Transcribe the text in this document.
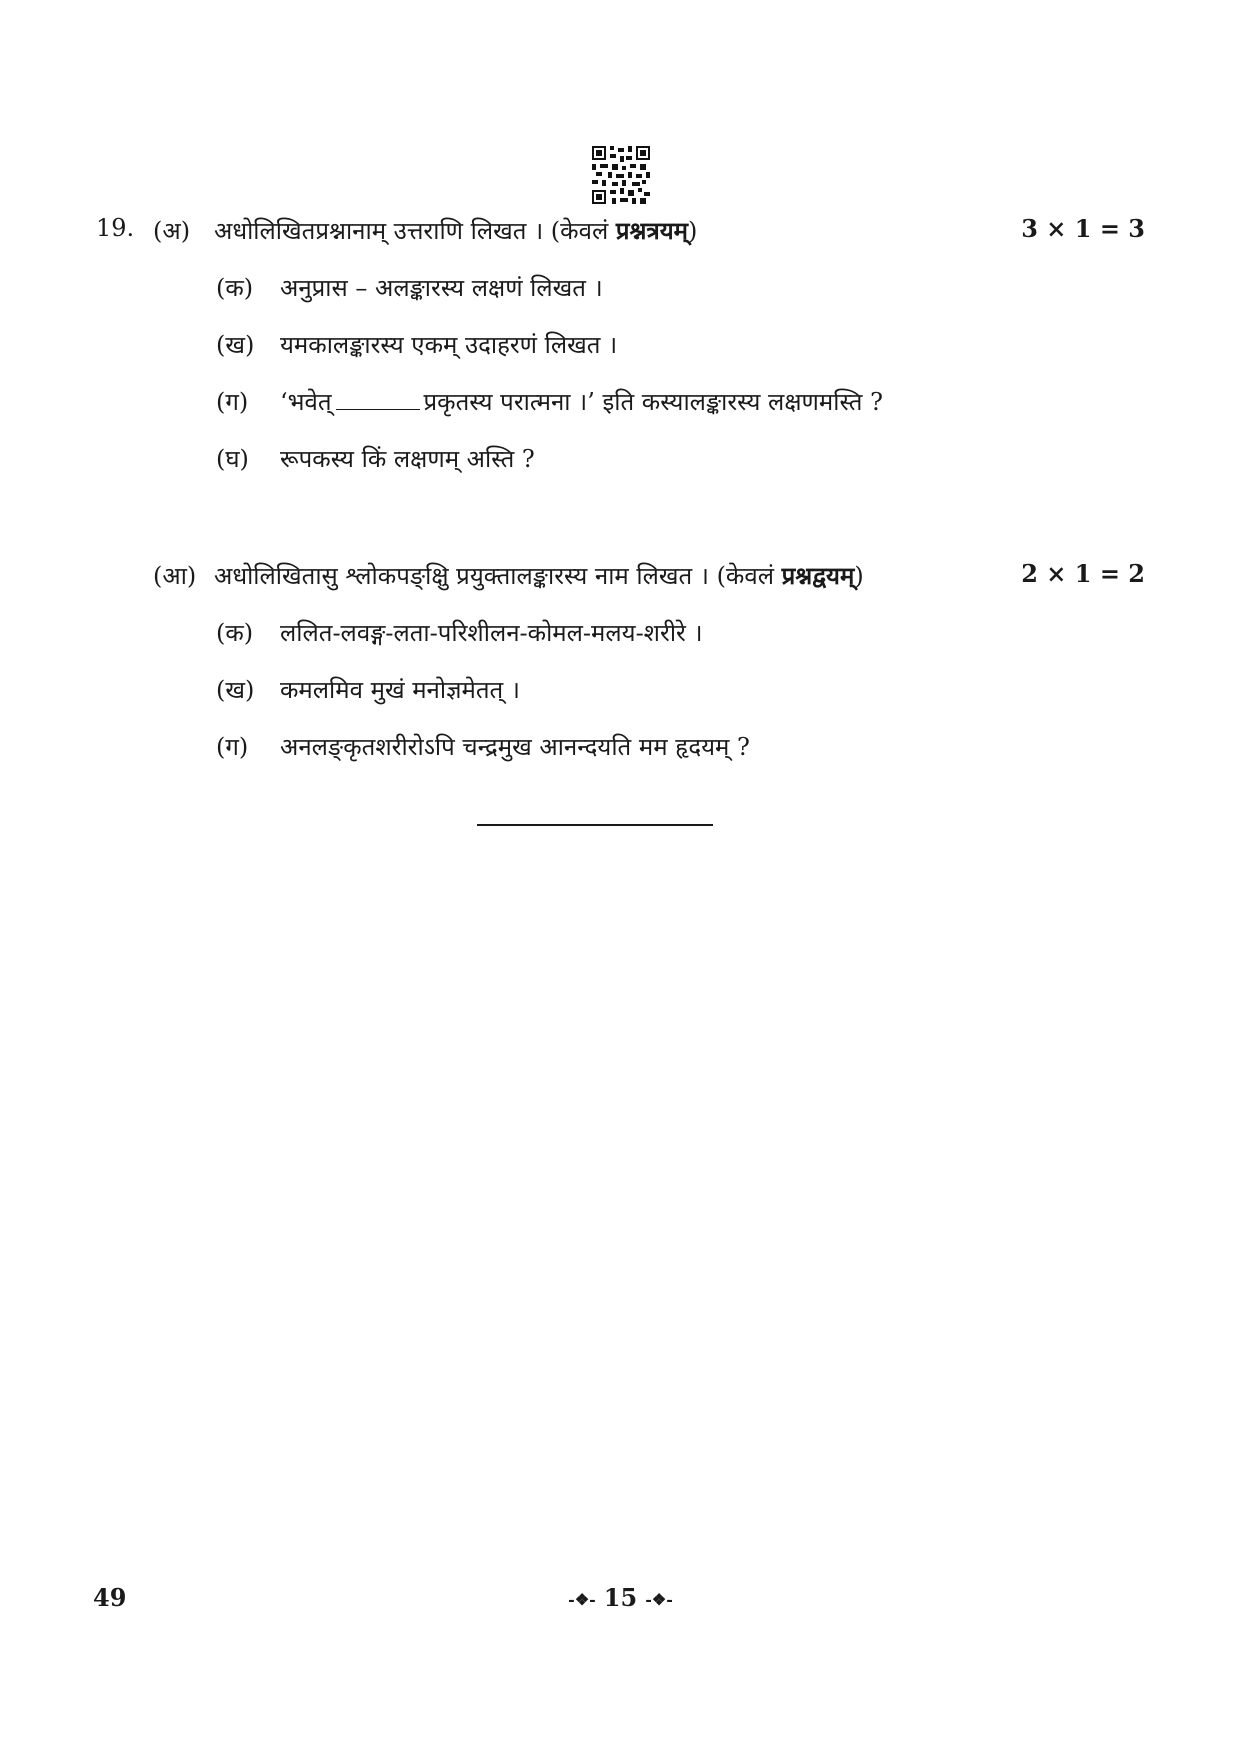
19. (अ) अधोलिखितप्रश्नानाम् उत्तराणि लिखत । (केवलं प्रश्नत्रयम्)	3 × 1 = 3
(क) अनुप्रास – अलङ्कारस्य लक्षणं लिखत ।
(ख) यमकालङ्कारस्य एकम् उदाहरणं लिखत ।
(ग) ‘भवेत्	प्रकृतस्य परात्मना ।’ इति कस्यालङ्कारस्य लक्षणमस्ति ?
(घ) रूपकस्य किं लक्षणम् अस्ति ?
(आ) अधोलिखितासु श्लोकपङ्क्षिु प्रयुक्तालङ्कारस्य नाम लिखत । (केवलं प्रश्नद्वयम्)	2 × 1 = 2
(क) ललित-लवङ्ग-लता-परिशीलन-कोमल-मलय-शरीरे ।
(ख) कमलमिव मुखं मनोज्ञमेतत् ।
(ग) अनलङ्कृतशरीरोऽपि चन्द्रमुख आनन्दयति मम हृदयम् ?
49	-❖- 15 -❖-
